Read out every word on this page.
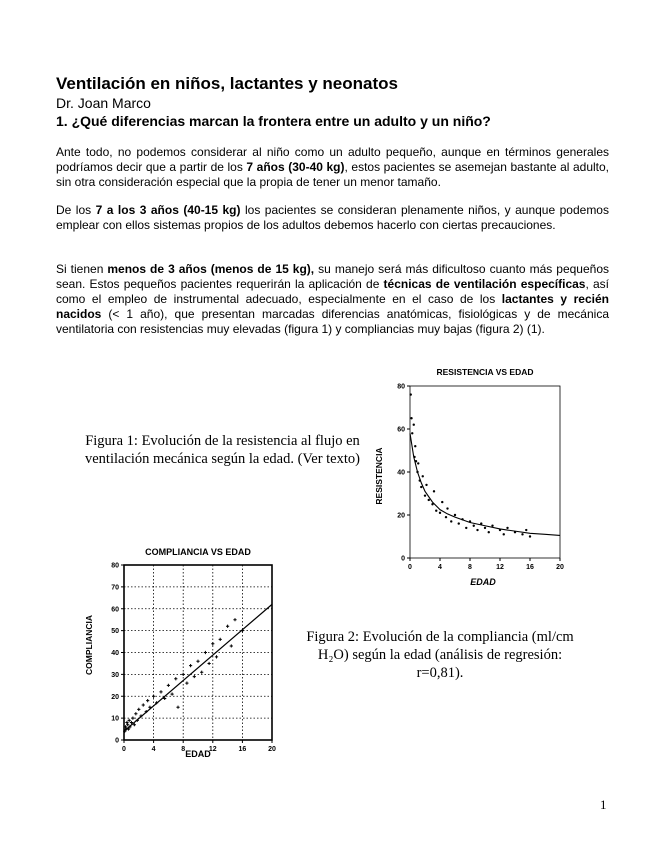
Ventilación en niños, lactantes y neonatos
Dr. Joan Marco
1. ¿Qué diferencias marcan la frontera entre un adulto y un niño?

Ante todo, no podemos considerar al niño como un adulto pequeño, aunque en términos generales podríamos decir que a partir de los 7 años (30-40 kg), estos pacientes se asemejan bastante al adulto, sin otra consideración especial que la propia de tener un menor tamaño.

De los 7 a los 3 años (40-15 kg) los pacientes se consideran plenamente niños, y aunque podemos emplear con ellos sistemas propios de los adultos debemos hacerlo con ciertas precauciones.

Si tienen menos de 3 años (menos de 15 kg), su manejo será más dificultoso cuanto más pequeños sean. Estos pequeños pacientes requerirán la aplicación de técnicas de ventilación específicas, así como el empleo de instrumental adecuado, especialmente en el caso de los lactantes y recién nacidos (< 1 año), que presentan marcadas diferencias anatómicas, fisiológicas y de mecánica ventilatoria con resistencias muy elevadas (figura 1) y compliancias muy bajas (figura 2) (1).

RESISTENCIA VS EDAD
RESISTENCIA
EDAD
0	4	8	12	16	20
0
20
40
60
80
Figura 1: Evolución de la resistencia al flujo en ventilación mecánica según la edad. (Ver texto)
COMPLIANCIA VS EDAD
COMPLIANCIA
EDAD
0	4	8	12	16	20
0
10
20
30
40
50
60
70
80
Figura 2: Evolución de la compliancia (ml/cm H₂O) según la edad (análisis de regresión: r=0,81).
1
